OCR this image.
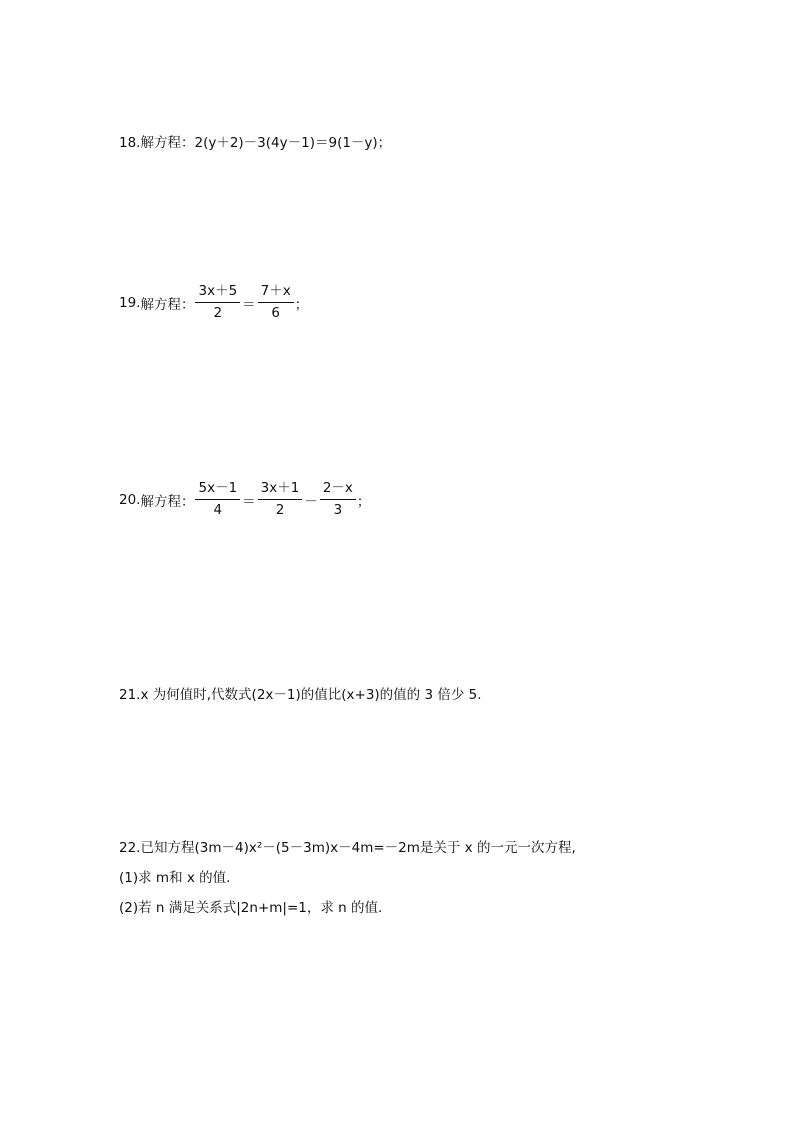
18.解方程：2(y＋2)－3(4y－1)＝9(1－y)；
19. 解方程： $\frac{3x+5}{2} = \frac{7+x}{6}$ ；
20. 解方程： $\frac{5x-1}{4} = \frac{3x+1}{2} - \frac{2-x}{3}$ ；
21.x 为何值时,代数式(2x－1)的值比(x+3)的值的 3 倍少 5.
22.已知方程(3m－4)x²－(5－3m)x－4m=－2m是关于 x 的一元一次方程,
(1)求 m和 x 的值.
(2)若 n 满足关系式|2n+m|=1，求 n 的值.
